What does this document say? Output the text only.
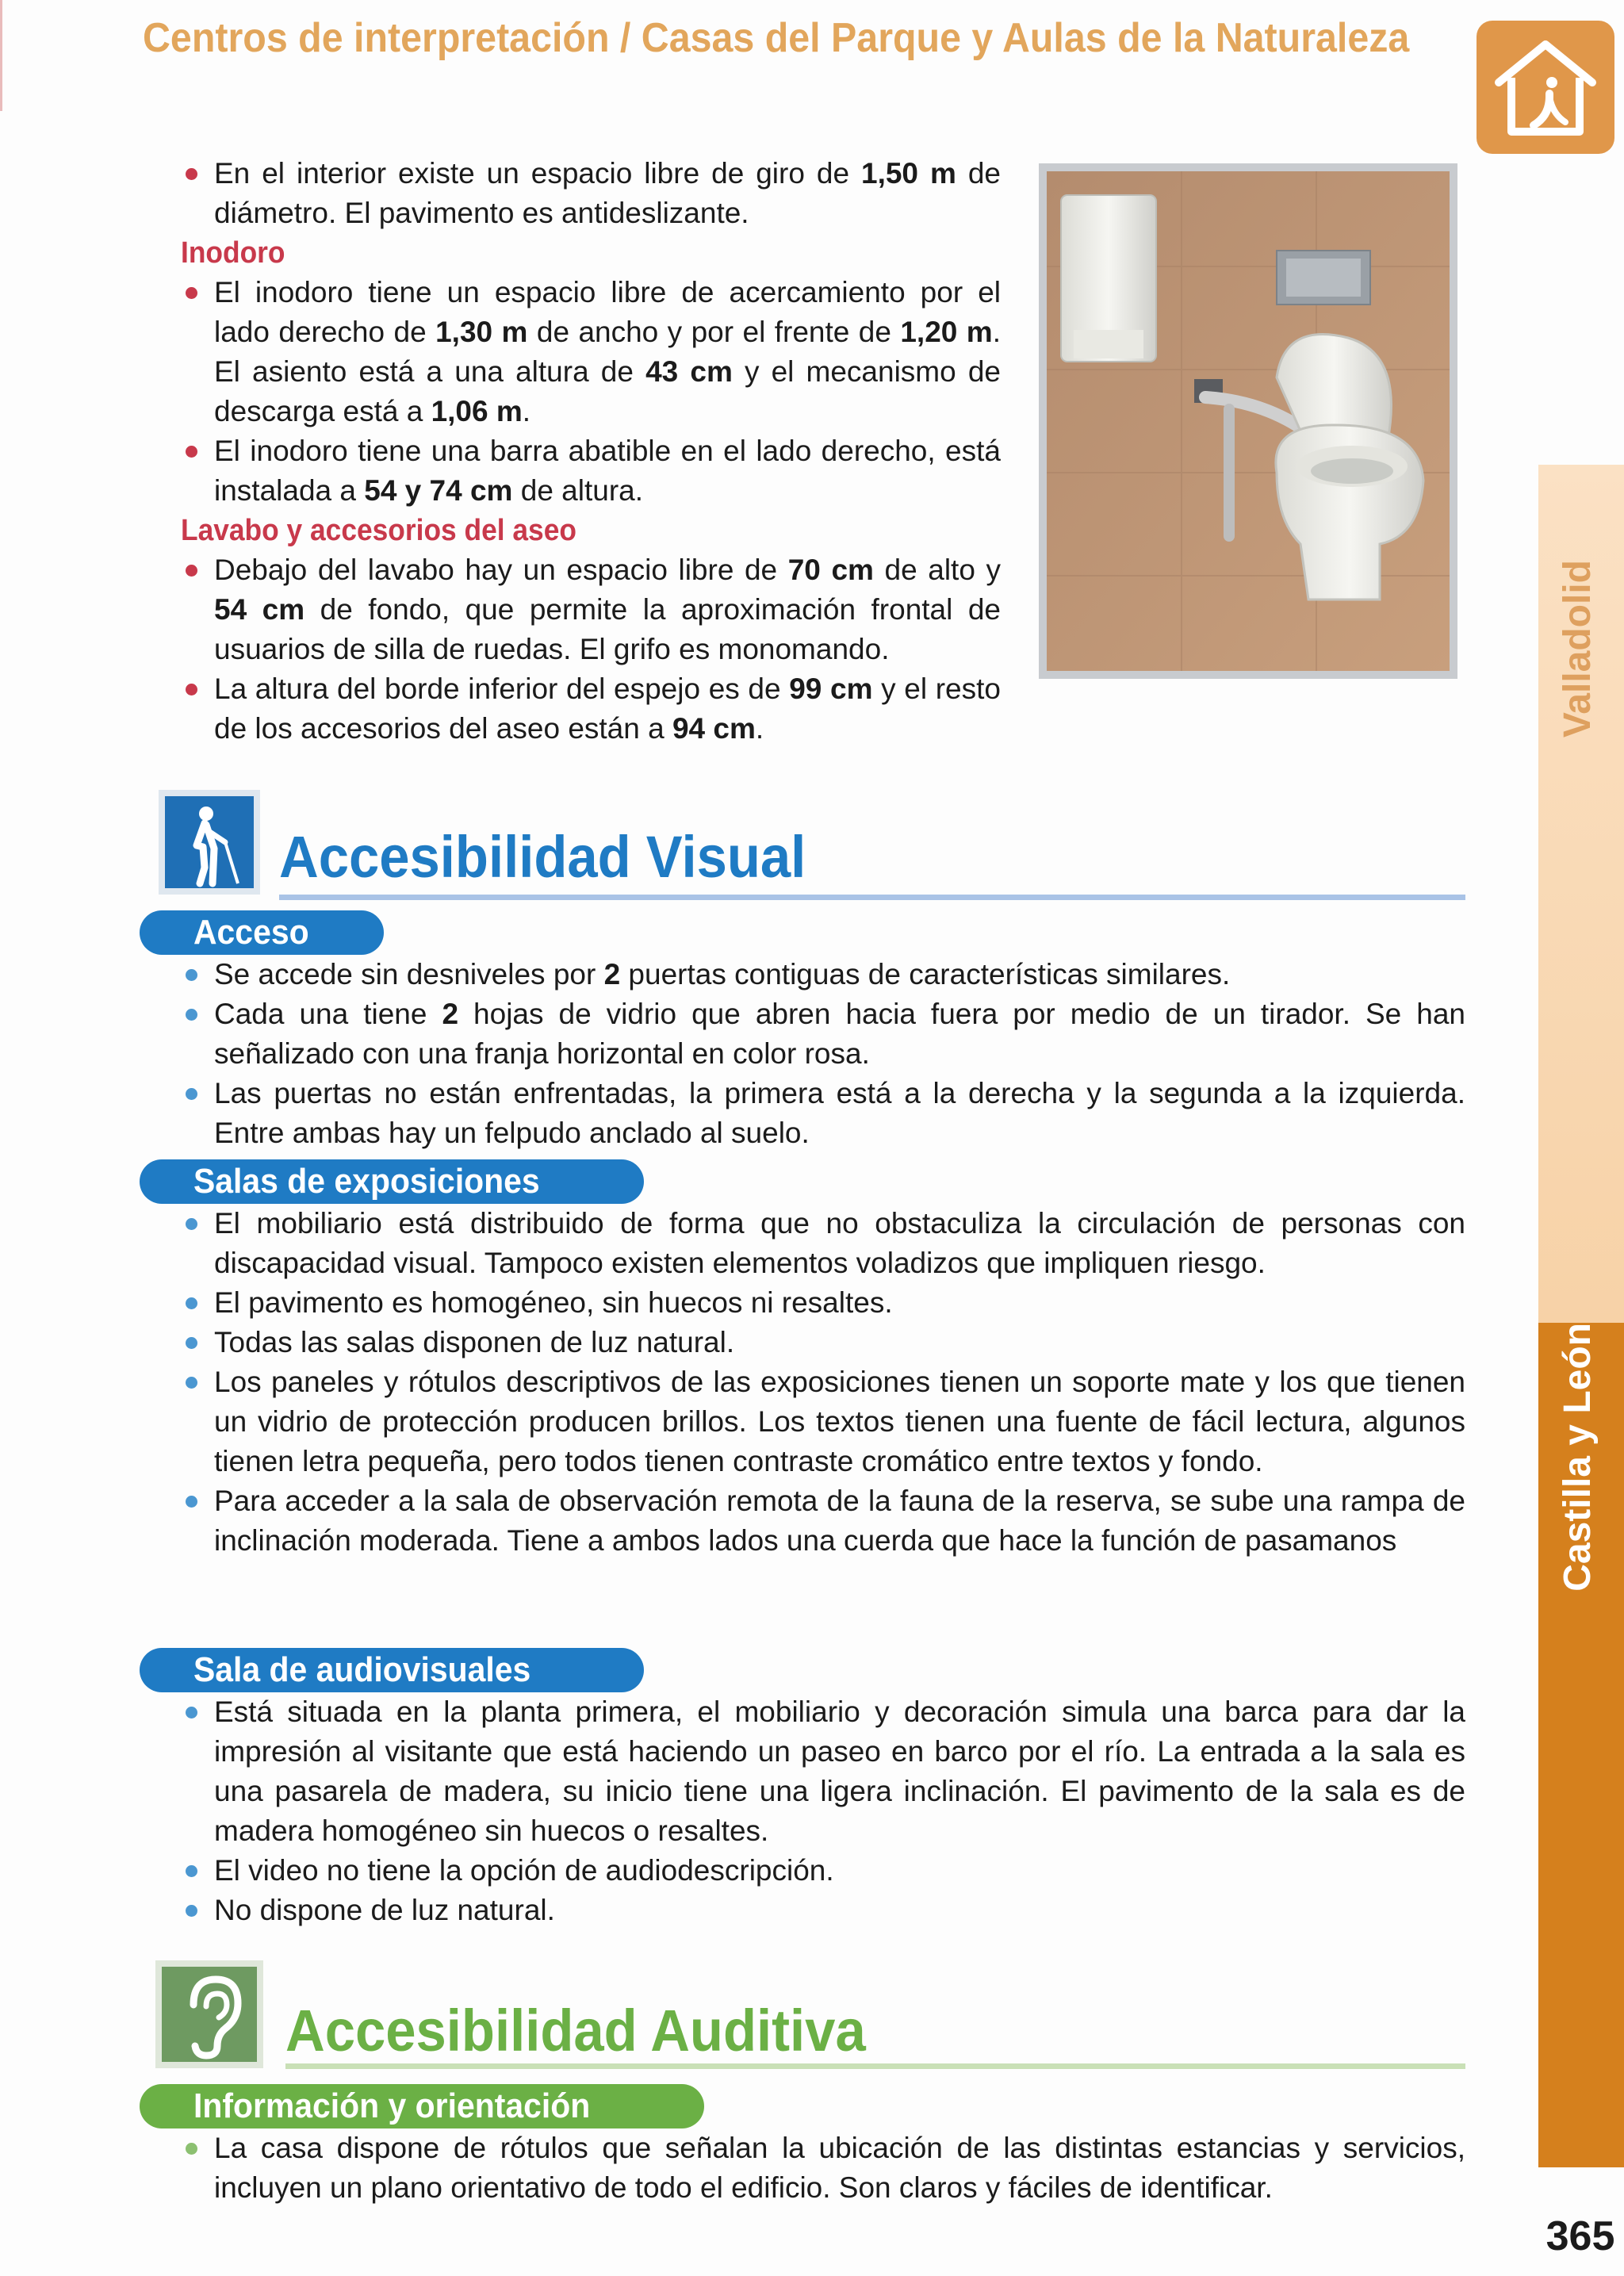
Centros de interpretación / Casas del Parque y Aulas de la Naturaleza
Valladolid
Castilla y León
365
En el interior existe un espacio libre de giro de 1,50 m de diámetro. El pavimento es antideslizante.
Inodoro
El inodoro tiene un espacio libre de acercamiento por el lado derecho de 1,30 m de ancho y por el frente de 1,20 m. El asiento está a una altura de 43 cm y el mecanismo de descarga está a 1,06 m.
El inodoro tiene una barra abatible en el lado derecho, está instalada a 54 y 74 cm de altura.
Lavabo y accesorios del aseo
Debajo del lavabo hay un espacio libre de 70 cm de alto y 54 cm de fondo, que permite la aproximación frontal de usuarios de silla de ruedas. El grifo es monomando.
La altura del borde inferior del espejo es de 99 cm y el resto de los accesorios del aseo están a 94 cm.
Accesibilidad Visual
Acceso
Se accede sin desniveles por 2 puertas contiguas de características similares.
Cada una tiene 2 hojas de vidrio que abren hacia fuera por medio de un tirador. Se han señalizado con una franja horizontal en color rosa.
Las puertas no están enfrentadas, la primera está a la derecha y la segunda a la izquierda. Entre ambas hay un felpudo anclado al suelo.
Salas de exposiciones
El mobiliario está distribuido de forma que no obstaculiza la circulación de personas con discapacidad visual. Tampoco existen elementos voladizos que impliquen riesgo.
El pavimento es homogéneo, sin huecos ni resaltes.
Todas las salas disponen de luz natural.
Los paneles y rótulos descriptivos de las exposiciones tienen un soporte mate y los que tienen un vidrio de protección producen brillos. Los textos tienen una fuente de fácil lectura, algunos tienen letra pequeña, pero todos tienen contraste cromático entre textos y fondo.
Para acceder a la sala de observación remota de la fauna de la reserva, se sube una rampa de inclinación moderada. Tiene a ambos lados una cuerda que hace la función de pasamanos
Sala de audiovisuales
Está situada en la planta primera, el mobiliario y decoración simula una barca para dar la impresión al visitante que está haciendo un paseo en barco por el río. La entrada a la sala es una pasarela de madera, su inicio tiene una ligera inclinación. El pavimento de la sala es de madera homogéneo sin huecos o resaltes.
El video no tiene la opción de audiodescripción.
No dispone de luz natural.
Accesibilidad Auditiva
Información y orientación
La casa dispone de rótulos que señalan la ubicación de las distintas estancias y servicios, incluyen un plano orientativo de todo el edificio. Son claros y fáciles de identificar.
